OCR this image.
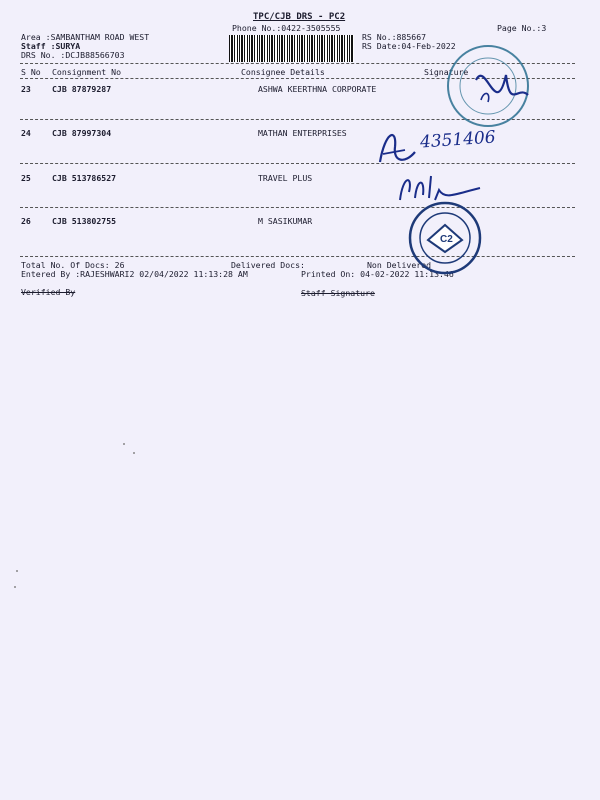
TPC/CJB DRS - PC2
Phone No.:0422-3505555	Page No.:3
Area :SAMBANTHAM ROAD WEST
Staff :SURYA
DRS No. :DCJB88566703
RS No.:885667
RS Date:04-Feb-2022
S No Consignment No	Consignee Details	Signature
23	CJB 87879287	ASHWA KEERTHNA CORPORATE
24	CJB 87997304	MATHAN ENTERPRISES
25	CJB 513786527	TRAVEL PLUS
26	CJB 513802755	M SASIKUMAR
Total No. Of Docs: 26	Delivered Docs:	Non Delivered
Entered By :RAJESHWARI2 02/04/2022 11:13:28 AM	Printed On: 04-02-2022 11:13:46
Verified By	Staff Signature
4351406
C2
